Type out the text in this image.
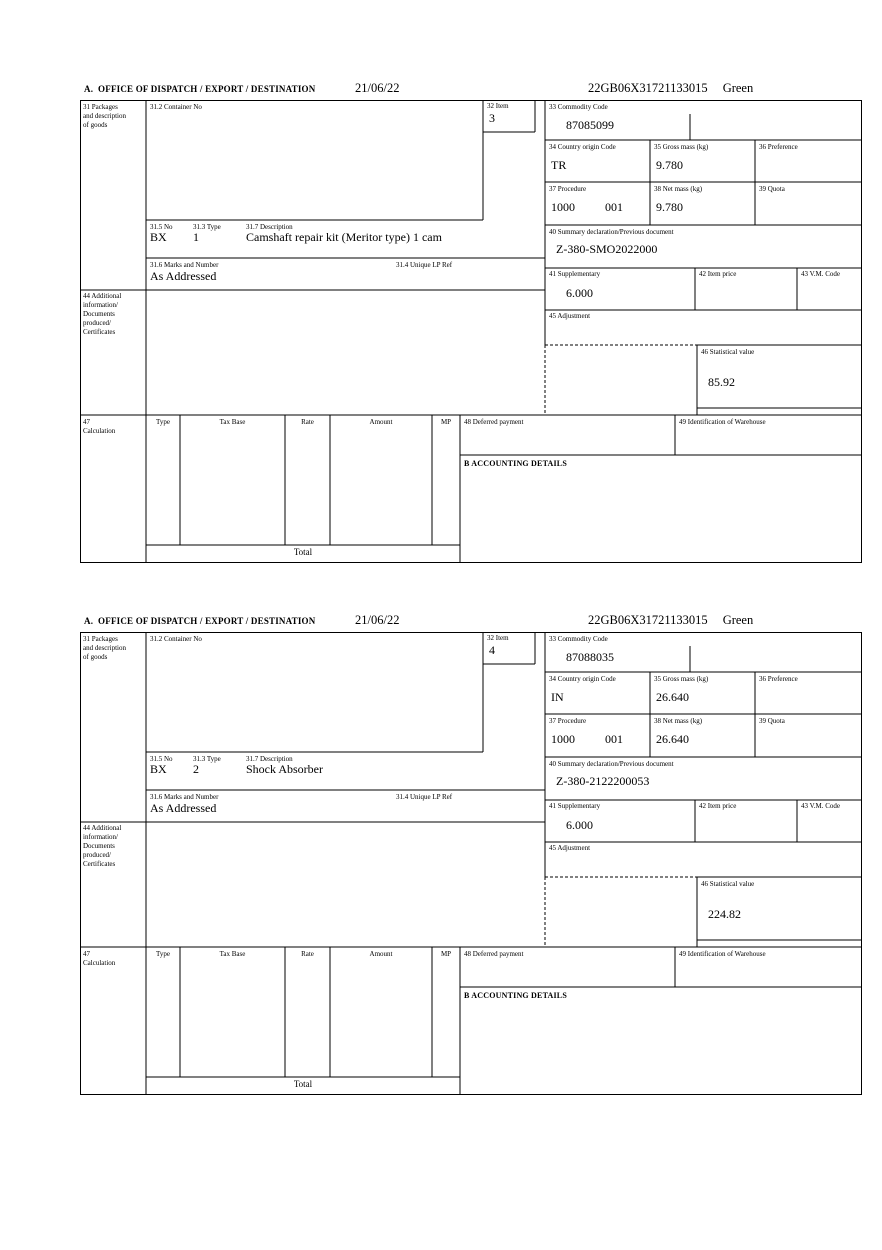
A.  OFFICE OF DISPATCH / EXPORT / DESTINATION	21/06/22	22GB06X31721133015 Green
31 Packages and description of goods
31.2 Container No	32 Item
3
31.5 No	31.3 Type	31.7 Description
BX 1	Camshaft repair kit (Meritor type) 1 cam
31.6 Marks and Number	31.4 Unique LP Ref
As Addressed
33 Commodity Code
87085099
34 Country origin Code
TR
35 Gross mass (kg)
9.780
36 Preference
37 Procedure
1000	001
38 Net mass (kg)
9.780
39 Quota
40 Summary declaration/Previous document
Z-380-SMO2022000
41 Supplementary
6.000
42 Item price	43 V.M. Code
44 Additional information/ Documents produced/ Certificates
45 Adjustment
46 Statistical value
85.92
47 Calculation
Type	Tax Base	Rate	Amount	MP	48 Deferred payment	49 Identification of Warehouse
B ACCOUNTING DETAILS
Total
A.  OFFICE OF DISPATCH / EXPORT / DESTINATION	21/06/22	22GB06X31721133015 Green
31 Packages and description of goods
31.2 Container No	32 Item
4
31.5 No	31.3 Type	31.7 Description
BX 2	Shock Absorber
31.6 Marks and Number	31.4 Unique LP Ref
As Addressed
33 Commodity Code
87088035
34 Country origin Code
IN
35 Gross mass (kg)
26.640
36 Preference
37 Procedure
1000	001
38 Net mass (kg)
26.640
39 Quota
40 Summary declaration/Previous document
Z-380-2122200053
41 Supplementary
6.000
42 Item price	43 V.M. Code
44 Additional information/ Documents produced/ Certificates
45 Adjustment
46 Statistical value
224.82
47 Calculation
Type	Tax Base	Rate	Amount	MP	48 Deferred payment	49 Identification of Warehouse
B ACCOUNTING DETAILS
Total
